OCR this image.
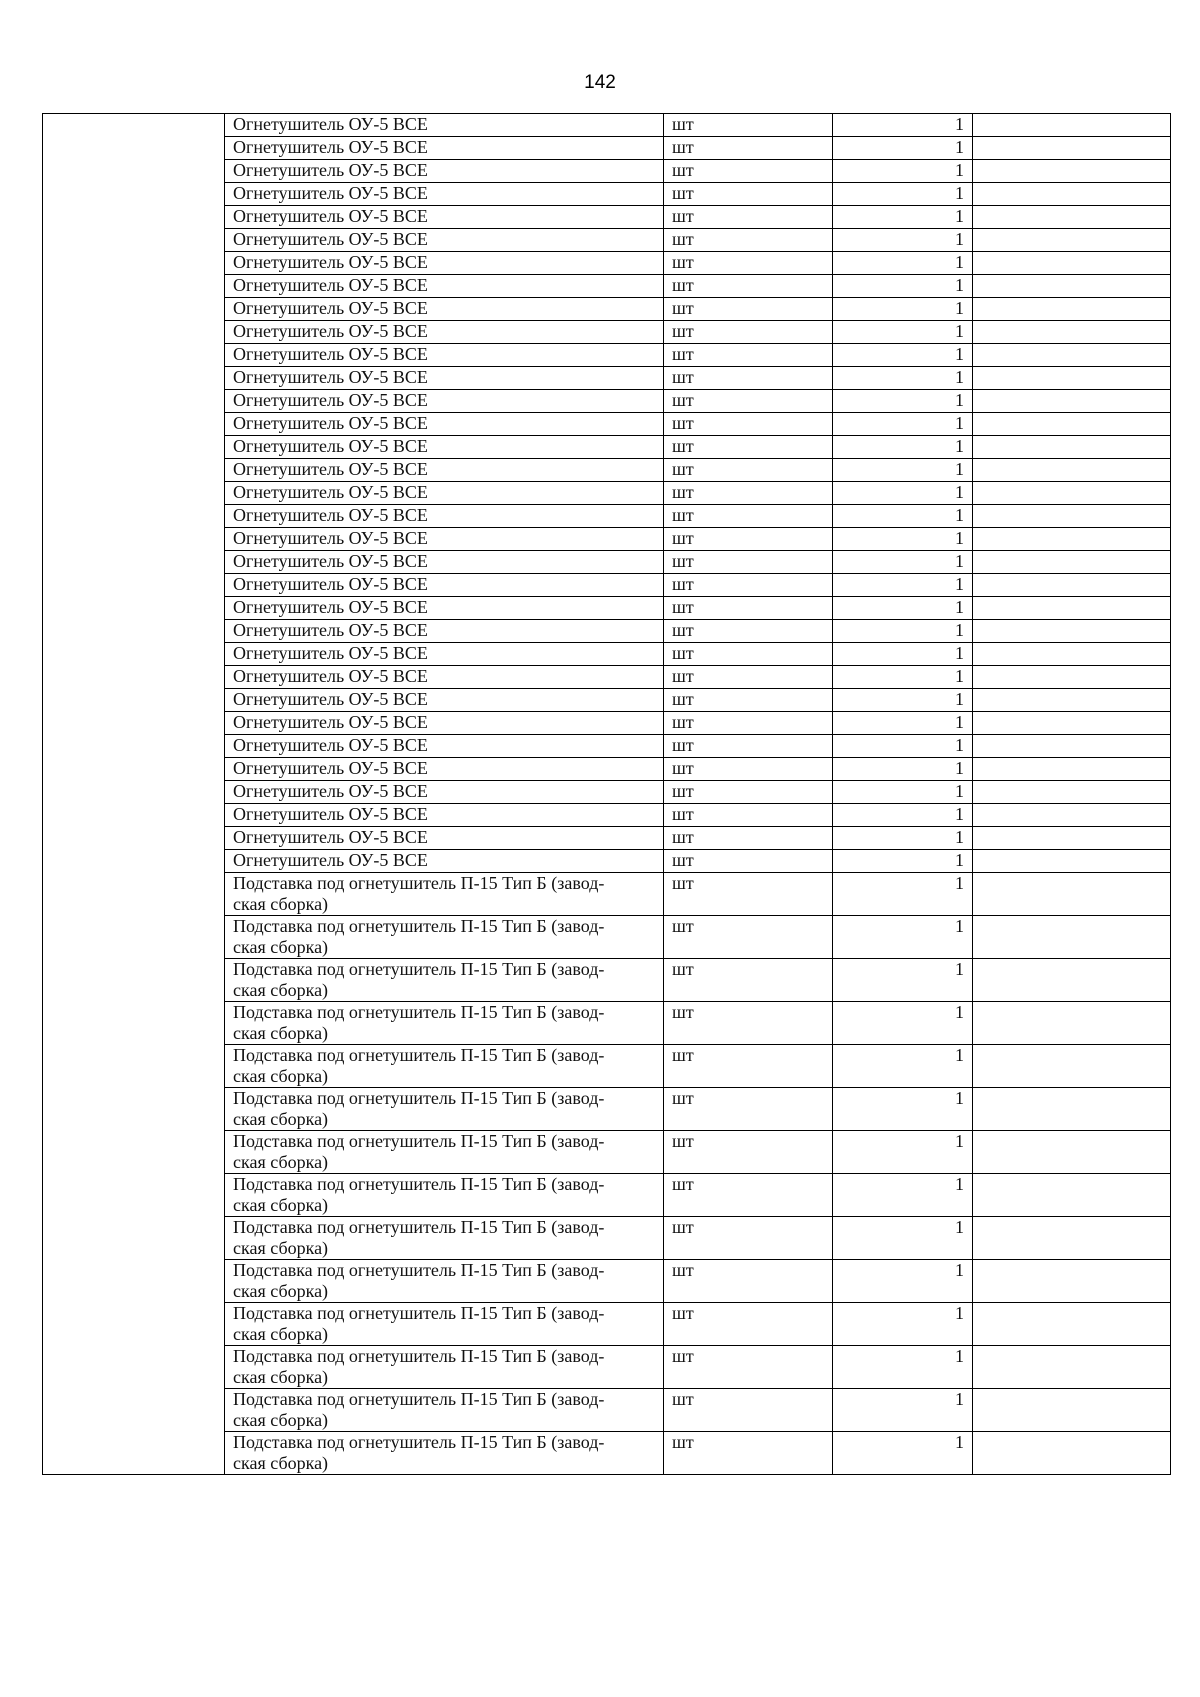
142
	Огнетушитель ОУ-5 ВСЕ	шт	1	
	Огнетушитель ОУ-5 ВСЕ	шт	1	
	Огнетушитель ОУ-5 ВСЕ	шт	1	
	Огнетушитель ОУ-5 ВСЕ	шт	1	
	Огнетушитель ОУ-5 ВСЕ	шт	1	
	Огнетушитель ОУ-5 ВСЕ	шт	1	
	Огнетушитель ОУ-5 ВСЕ	шт	1	
	Огнетушитель ОУ-5 ВСЕ	шт	1	
	Огнетушитель ОУ-5 ВСЕ	шт	1	
	Огнетушитель ОУ-5 ВСЕ	шт	1	
	Огнетушитель ОУ-5 ВСЕ	шт	1	
	Огнетушитель ОУ-5 ВСЕ	шт	1	
	Огнетушитель ОУ-5 ВСЕ	шт	1	
	Огнетушитель ОУ-5 ВСЕ	шт	1	
	Огнетушитель ОУ-5 ВСЕ	шт	1	
	Огнетушитель ОУ-5 ВСЕ	шт	1	
	Огнетушитель ОУ-5 ВСЕ	шт	1	
	Огнетушитель ОУ-5 ВСЕ	шт	1	
	Огнетушитель ОУ-5 ВСЕ	шт	1	
	Огнетушитель ОУ-5 ВСЕ	шт	1	
	Огнетушитель ОУ-5 ВСЕ	шт	1	
	Огнетушитель ОУ-5 ВСЕ	шт	1	
	Огнетушитель ОУ-5 ВСЕ	шт	1	
	Огнетушитель ОУ-5 ВСЕ	шт	1	
	Огнетушитель ОУ-5 ВСЕ	шт	1	
	Огнетушитель ОУ-5 ВСЕ	шт	1	
	Огнетушитель ОУ-5 ВСЕ	шт	1	
	Огнетушитель ОУ-5 ВСЕ	шт	1	
	Огнетушитель ОУ-5 ВСЕ	шт	1	
	Огнетушитель ОУ-5 ВСЕ	шт	1	
	Огнетушитель ОУ-5 ВСЕ	шт	1	
	Огнетушитель ОУ-5 ВСЕ	шт	1	
	Огнетушитель ОУ-5 ВСЕ	шт	1	
	Подставка под огнетушитель П-15 Тип Б (завод-
ская сборка)	шт	1	
	Подставка под огнетушитель П-15 Тип Б (завод-
ская сборка)	шт	1	
	Подставка под огнетушитель П-15 Тип Б (завод-
ская сборка)	шт	1	
	Подставка под огнетушитель П-15 Тип Б (завод-
ская сборка)	шт	1	
	Подставка под огнетушитель П-15 Тип Б (завод-
ская сборка)	шт	1	
	Подставка под огнетушитель П-15 Тип Б (завод-
ская сборка)	шт	1	
	Подставка под огнетушитель П-15 Тип Б (завод-
ская сборка)	шт	1	
	Подставка под огнетушитель П-15 Тип Б (завод-
ская сборка)	шт	1	
	Подставка под огнетушитель П-15 Тип Б (завод-
ская сборка)	шт	1	
	Подставка под огнетушитель П-15 Тип Б (завод-
ская сборка)	шт	1	
	Подставка под огнетушитель П-15 Тип Б (завод-
ская сборка)	шт	1	
	Подставка под огнетушитель П-15 Тип Б (завод-
ская сборка)	шт	1	
	Подставка под огнетушитель П-15 Тип Б (завод-
ская сборка)	шт	1	
	Подставка под огнетушитель П-15 Тип Б (завод-
ская сборка)	шт	1	
